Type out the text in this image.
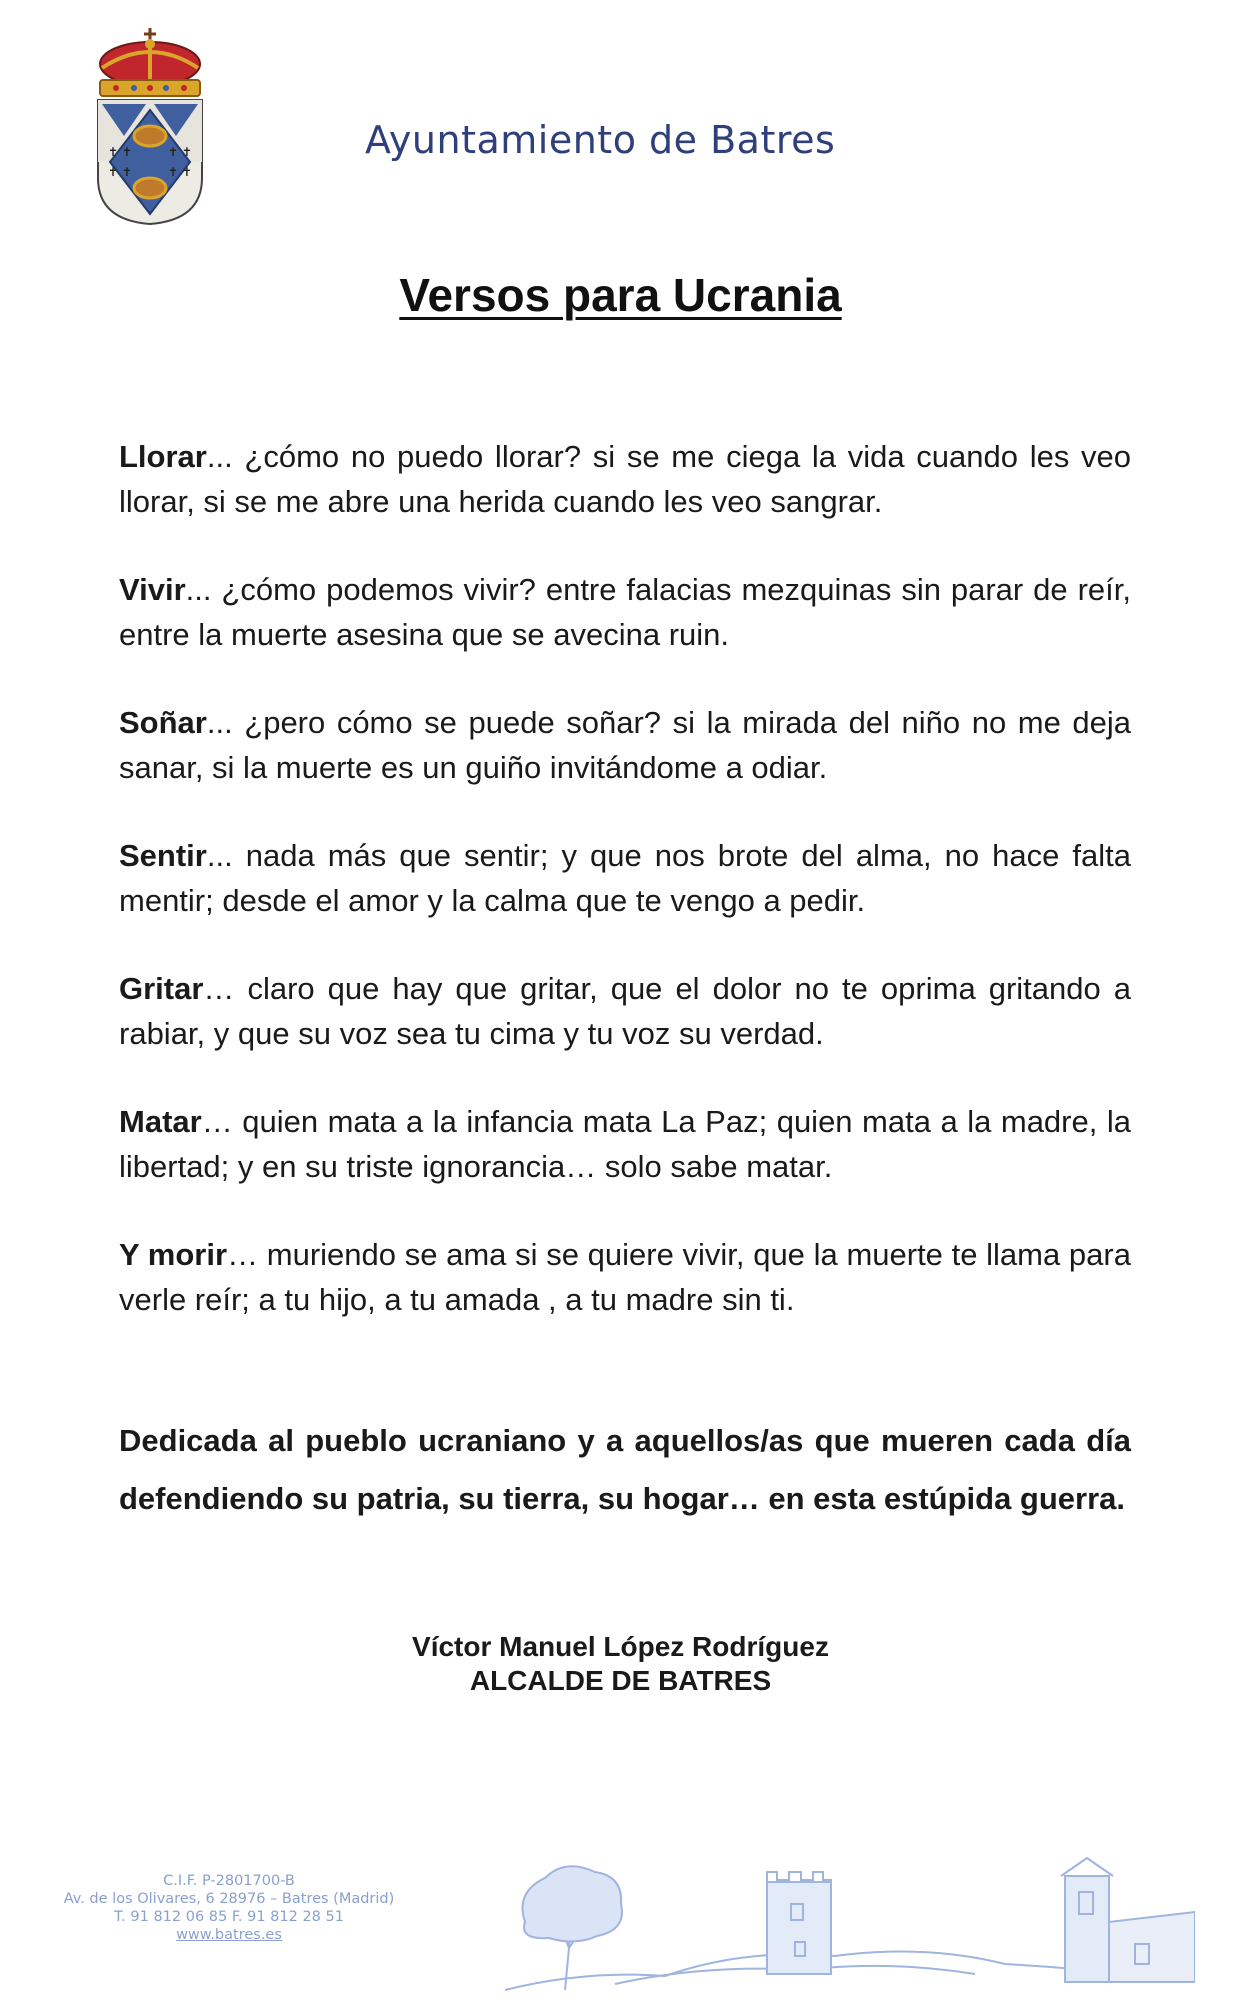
✝ ✝
✝ ✝
✝ ✝
✝ ✝
Ayuntamiento de Batres
Versos para Ucrania

Llorar... ¿cómo no puedo llorar? si se me ciega la vida cuando les veo llorar, si se me abre una herida cuando les veo sangrar.

Vivir... ¿cómo podemos vivir? entre falacias mezquinas sin parar de reír, entre la muerte asesina que se avecina ruin.

Soñar... ¿pero cómo se puede soñar? si la mirada del niño no me deja sanar, si la muerte es un guiño invitándome a odiar.

Sentir... nada más que sentir; y que nos brote del alma, no hace falta mentir; desde el amor y la calma que te vengo a pedir.

Gritar… claro que hay que gritar, que el dolor no te oprima gritando a rabiar, y que su voz sea tu cima y tu voz su verdad.

Matar… quien mata a la infancia mata La Paz; quien mata a la madre, la libertad; y en su triste ignorancia… solo sabe matar.

Y morir… muriendo se ama si se quiere vivir, que la muerte te llama para verle reír; a tu hijo, a tu amada , a tu madre sin ti.

Dedicada al pueblo ucraniano y a aquellos/as que mueren cada día defendiendo su patria, su tierra, su hogar… en esta estúpida guerra.
Víctor Manuel López Rodríguez
ALCALDE DE BATRES
C.I.F. P-2801700-B
Av. de los Olivares, 6 28976 – Batres (Madrid)
T. 91 812 06 85 F. 91 812 28 51
www.batres.es
